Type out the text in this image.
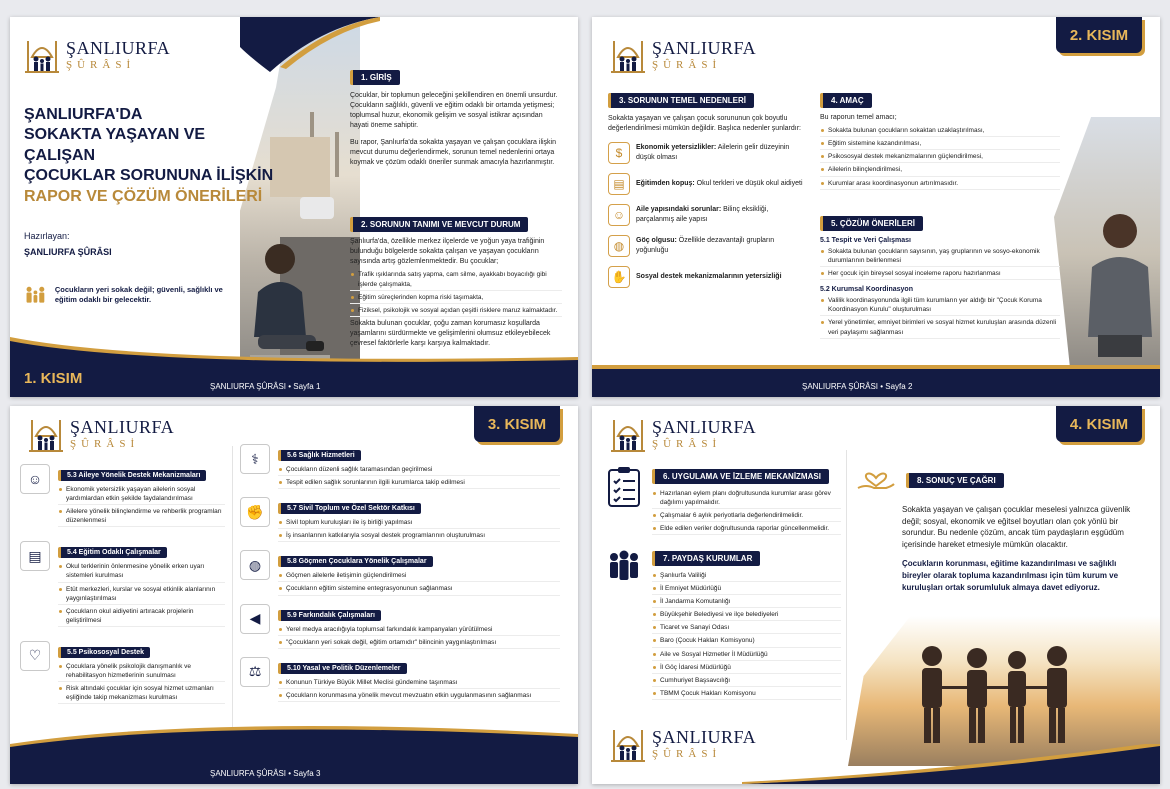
ŞANLIURFA
ŞÛRÂSİ
ŞANLIURFA'DA
SOKAKTA YAŞAYAN VE ÇALIŞAN
ÇOCUKLAR SORUNUNA İLİŞKİN
RAPOR VE ÇÖZÜM ÖNERİLERİ
Hazırlayan:
ŞANLIURFA ŞÛRÂSI
Çocukların yeri sokak değil; güvenli, sağlıklı ve eğitim odaklı bir gelecektir.
1. GİRİŞ
Çocuklar, bir toplumun geleceğini şekillendiren en önemli unsurdur. Çocukların sağlıklı, güvenli ve eğitim odaklı bir ortamda yetişmesi; toplumsal huzur, ekonomik gelişim ve sosyal istikrar açısından hayati öneme sahiptir.
Bu rapor, Şanlıurfa'da sokakta yaşayan ve çalışan çocuklara ilişkin mevcut durumu değerlendirmek, sorunun temel nedenlerini ortaya koymak ve çözüm odaklı öneriler sunmak amacıyla hazırlanmıştır.
2. SORUNUN TANIMI VE MEVCUT DURUM
Şanlıurfa'da, özellikle merkez ilçelerde ve yoğun yaya trafiğinin bulunduğu bölgelerde sokakta çalışan ve yaşayan çocukların sayısında artış gözlemlenmektedir. Bu çocuklar;
Trafik ışıklarında satış yapma, cam silme, ayakkabı boyacılığı gibi işlerde çalışmakta,
Eğitim süreçlerinden kopma riski taşımakta,
Fiziksel, psikolojik ve sosyal açıdan çeşitli risklere maruz kalmaktadır.
Sokakta bulunan çocuklar, çoğu zaman korumasız koşullarda yaşamlarını sürdürmekte ve gelişimlerini olumsuz etkileyebilecek çevresel faktörlerle karşı karşıya kalmaktadır.
1. KISIM	ŞANLIURFA ŞÛRÂSI • Sayfa 1
ŞANLIURFA
ŞÛRÂSİ
2. KISIM
3. SORUNUN TEMEL NEDENLERİ
Sokakta yaşayan ve çalışan çocuk sorununun çok boyutlu değerlendirilmesi mümkün değildir. Başlıca nedenler şunlardır:
$	Ekonomik yetersizlikler: Ailelerin gelir düzeyinin düşük olması
▤	Eğitimden kopuş: Okul terkleri ve düşük okul aidiyeti
☺	Aile yapısındaki sorunlar: Bilinç eksikliği, parçalanmış aile yapısı
◍	Göç olgusu: Özellikle dezavantajlı grupların yoğunluğu
✋	Sosyal destek mekanizmalarının yetersizliği
4. AMAÇ
Bu raporun temel amacı;
Sokakta bulunan çocukların sokaktan uzaklaştırılması,
Eğitim sistemine kazandırılması,
Psikososyal destek mekanizmalarının güçlendirilmesi,
Ailelerin bilinçlendirilmesi,
Kurumlar arası koordinasyonun artırılmasıdır.
5. ÇÖZÜM ÖNERİLERİ
5.1 Tespit ve Veri Çalışması
Sokakta bulunan çocukların sayısının, yaş gruplarının ve sosyo-ekonomik durumlarının belirlenmesi
Her çocuk için bireysel sosyal inceleme raporu hazırlanması
5.2 Kurumsal Koordinasyon
Valilik koordinasyonunda ilgili tüm kurumların yer aldığı bir "Çocuk Koruma Koordinasyon Kurulu" oluşturulması
Yerel yönetimler, emniyet birimleri ve sosyal hizmet kuruluşları arasında düzenli veri paylaşımı sağlanması
ŞANLIURFA ŞÛRÂSI • Sayfa 2
ŞANLIURFA
ŞÛRÂSİ
3. KISIM
☺	5.3 Aileye Yönelik Destek Mekanizmaları
Ekonomik yetersizlik yaşayan ailelerin sosyal yardımlardan etkin şekilde faydalandırılması
Ailelere yönelik bilinçlendirme ve rehberlik programları düzenlenmesi
▤	5.4 Eğitim Odaklı Çalışmalar
Okul terklerinin önlenmesine yönelik erken uyarı sistemleri kurulması
Etüt merkezleri, kurslar ve sosyal etkinlik alanlarının yaygınlaştırılması
Çocukların okul aidiyetini artıracak projelerin geliştirilmesi
♡	5.5 Psikososyal Destek
Çocuklara yönelik psikolojik danışmanlık ve rehabilitasyon hizmetlerinin sunulması
Risk altındaki çocuklar için sosyal hizmet uzmanları eşliğinde takip mekanizması kurulması
⚕	5.6 Sağlık Hizmetleri
Çocukların düzenli sağlık taramasından geçirilmesi
Tespit edilen sağlık sorunlarının ilgili kurumlarca takip edilmesi
✊	5.7 Sivil Toplum ve Özel Sektör Katkısı
Sivil toplum kuruluşları ile iş birliği yapılması
İş insanlarının katkılarıyla sosyal destek programlarının oluşturulması
◍	5.8 Göçmen Çocuklara Yönelik Çalışmalar
Göçmen ailelerle iletişimin güçlendirilmesi
Çocukların eğitim sistemine entegrasyonunun sağlanması
◀	5.9 Farkındalık Çalışmaları
Yerel medya aracılığıyla toplumsal farkındalık kampanyaları yürütülmesi
"Çocukların yeri sokak değil, eğitim ortamıdır" bilincinin yaygınlaştırılması
⚖	5.10 Yasal ve Politik Düzenlemeler
Konunun Türkiye Büyük Millet Meclisi gündemine taşınması
Çocukların korunmasına yönelik mevcut mevzuatın etkin uygulanmasının sağlanması
ŞANLIURFA ŞÛRÂSI • Sayfa 3
ŞANLIURFA
ŞÛRÂSİ
4. KISIM
6. UYGULAMA VE İZLEME MEKANİZMASI
Hazırlanan eylem planı doğrultusunda kurumlar arası görev dağılımı yapılmalıdır.
Çalışmalar 6 aylık periyotlarla değerlendirilmelidir.
Elde edilen veriler doğrultusunda raporlar güncellenmelidir.
7. PAYDAŞ KURUMLAR
Şanlıurfa Valiliği
İl Emniyet Müdürlüğü
İl Jandarma Komutanlığı
Büyükşehir Belediyesi ve ilçe belediyeleri
Ticaret ve Sanayi Odası
Baro (Çocuk Hakları Komisyonu)
Aile ve Sosyal Hizmetler İl Müdürlüğü
İl Göç İdaresi Müdürlüğü
Cumhuriyet Başsavcılığı
TBMM Çocuk Hakları Komisyonu
8. SONUÇ VE ÇAĞRI
Sokakta yaşayan ve çalışan çocuklar meselesi yalnızca güvenlik değil; sosyal, ekonomik ve eğitsel boyutları olan çok yönlü bir sorundur. Bu nedenle çözüm, ancak tüm paydaşların eşgüdüm içerisinde hareket etmesiyle mümkün olacaktır.
Çocukların korunması, eğitime kazandırılması ve sağlıklı bireyler olarak topluma kazandırılması için tüm kurum ve kuruluşları ortak sorumluluk almaya davet ediyoruz.
ŞANLIURFA
ŞÛRÂSİ
